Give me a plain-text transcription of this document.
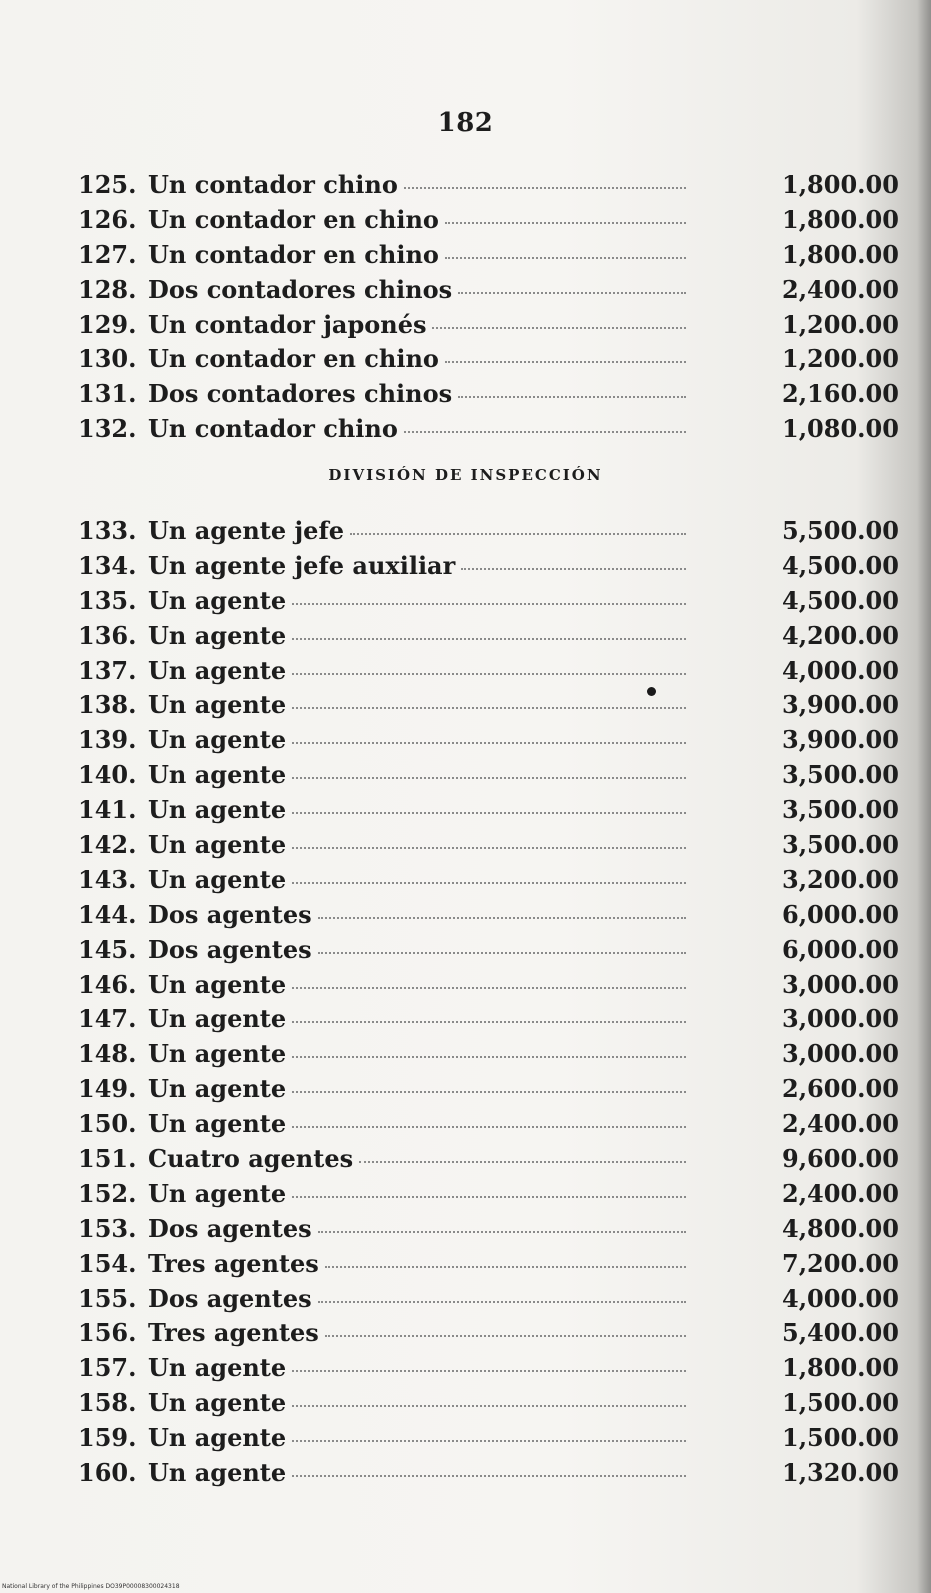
182
125. Un contador chino	1,800.00
126. Un contador en chino	1,800.00
127. Un contador en chino	1,800.00
128. Dos contadores chinos	2,400.00
129. Un contador japonés	1,200.00
130. Un contador en chino	1,200.00
131. Dos contadores chinos	2,160.00
132. Un contador chino	1,080.00
DIVISIÓN DE INSPECCIÓN
133. Un agente jefe	5,500.00
134. Un agente jefe auxiliar	4,500.00
135. Un agente	4,500.00
136. Un agente	4,200.00
137. Un agente	4,000.00
138. Un agente	3,900.00
139. Un agente	3,900.00
140. Un agente	3,500.00
141. Un agente	3,500.00
142. Un agente	3,500.00
143. Un agente	3,200.00
144. Dos agentes	6,000.00
145. Dos agentes	6,000.00
146. Un agente	3,000.00
147. Un agente	3,000.00
148. Un agente	3,000.00
149. Un agente	2,600.00
150. Un agente	2,400.00
151. Cuatro agentes	9,600.00
152. Un agente	2,400.00
153. Dos agentes	4,800.00
154. Tres agentes	7,200.00
155. Dos agentes	4,000.00
156. Tres agentes	5,400.00
157. Un agente	1,800.00
158. Un agente	1,500.00
159. Un agente	1,500.00
160. Un agente	1,320.00
National Library of the Philippines DO39P00008300024318
